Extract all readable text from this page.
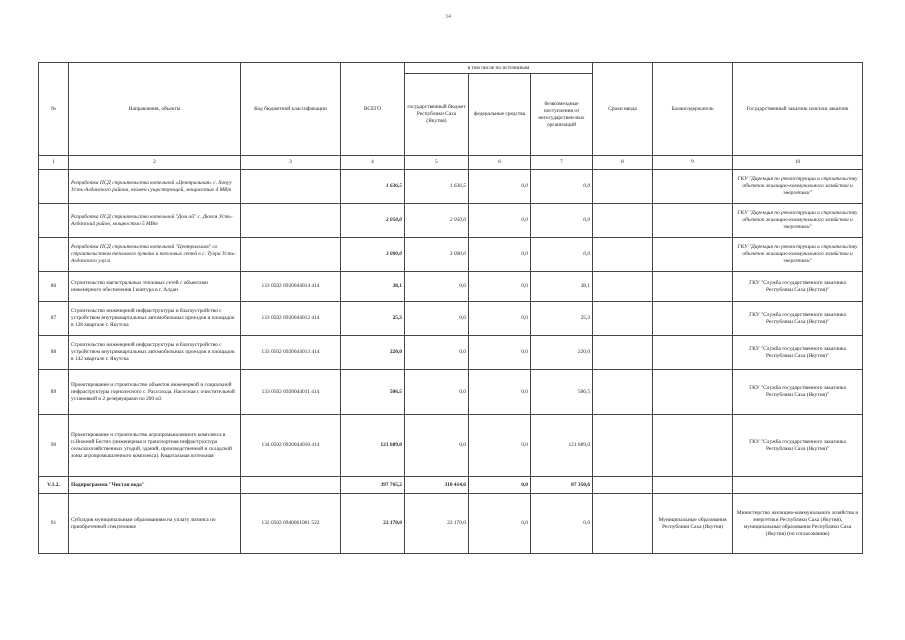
34
№	Направления, объекты	Код бюджетной классификации	ВСЕГО	в том числе по источникам			Сроки ввода	Балансодержатель	Государственный заказчик или/или заказчик
				государственный бюджет Республики Саха (Якутия)	федеральные средства	безвозмездные поступления от негосударствен-ных организаций			
1	2	3	4	5	6	7	8	9	10
	Разработка ПСД строительства котельной «Центральная» с. Хонуу Усть-Алданского района, взамен существующей, мощностью 4 МВт		1 636,5	1 636,5	0,0	0,0			ГКУ "Дирекция по реконструкции и строительству объектов жилищно-коммунального хозяйства и энергетики"
	Разработка ПСД строительства котельной "Дом ой" с. Дюпся Усть-Алданский район, мощностью 5 МВт		2 050,0	2 050,0	0,0	0,0			ГКУ "Дирекция по реконструкции и строительству объектов жилищно-коммунального хозяйства и энергетики"
	Разработка ПСД строительства котельной "Центральная" со строительством теплового пункта и тепловых сетей в с. Туора Усть-Алданского улуса		3 000,0	3 000,0	0,0	0,0			ГКУ "Дирекция по реконструкции и строительству объектов жилищно-коммунального хозяйства и энергетики"
86	Строительство магистральных тепловых сетей с объектами инженерного обеспечения I контура в г. Алдан	133 0502 6920044014 414	38,1	0,0	0,0	38,1			ГКУ "Служба государственного заказчика Республики Саха (Якутия)"
87	Строительство инженерной инфраструктуры и благоустройство с устройством внутриквартальных автомобильных проездов и площадок в 128 квартале г. Якутска	133 0502 6920044012 414	25,3	0,0	0,0	25,3			ГКУ "Служба государственного заказчика Республики Саха (Якутия)"
88	Строительство инженерной инфраструктуры и благоустройство с устройством внутриквартальных автомобильных проездов и площадок в 142 квартале г. Якутска	133 0502 6920044013 414	220,0	0,0	0,0	220,0			ГКУ "Служба государственного заказчика Республики Саха (Якутия)"
89	Проектирование и строительство объектов инженерной и социальной инфраструктуры горнолесного с. Рассолода. Насосная с очистительной установкой и 2 резервуарами по 200 м3	133 0502 6920044011 414	506,5	0,0	0,0	506,5			ГКУ "Служба государственного заказчика Республики Саха (Якутия)"
90	Проектирование и строительство агропромышленного комплекса в п.Нижний Бестях (инженерная и транспортная инфраструктура сельскохозяйственных угодий, зданий, производственной и складской зоны агропромышленного комплекса). Квартальная котельная	134 0502 6920044010 414	121 689,0	0,0	0,0	121 689,0			ГКУ "Служба государственного заказчика Республики Саха (Якутия)"
V.1.2.	Подпрограмма "Чистая вода"		397 765,2	310 414,6	0,0	87 350,6			
91	Субсидия муниципальным образованиям на уплату лизинга по приобретенной спецтехнике	132 0502 6940061001 522	22 170,0	22 170,0	0,0	0,0		Муниципальные образования Республики Саха (Якутия)	Министерство жилищно-коммунального хозяйства и энергетики Республики Саха (Якутия), муниципальные образования Республики Саха (Якутия) (по согласованию)
